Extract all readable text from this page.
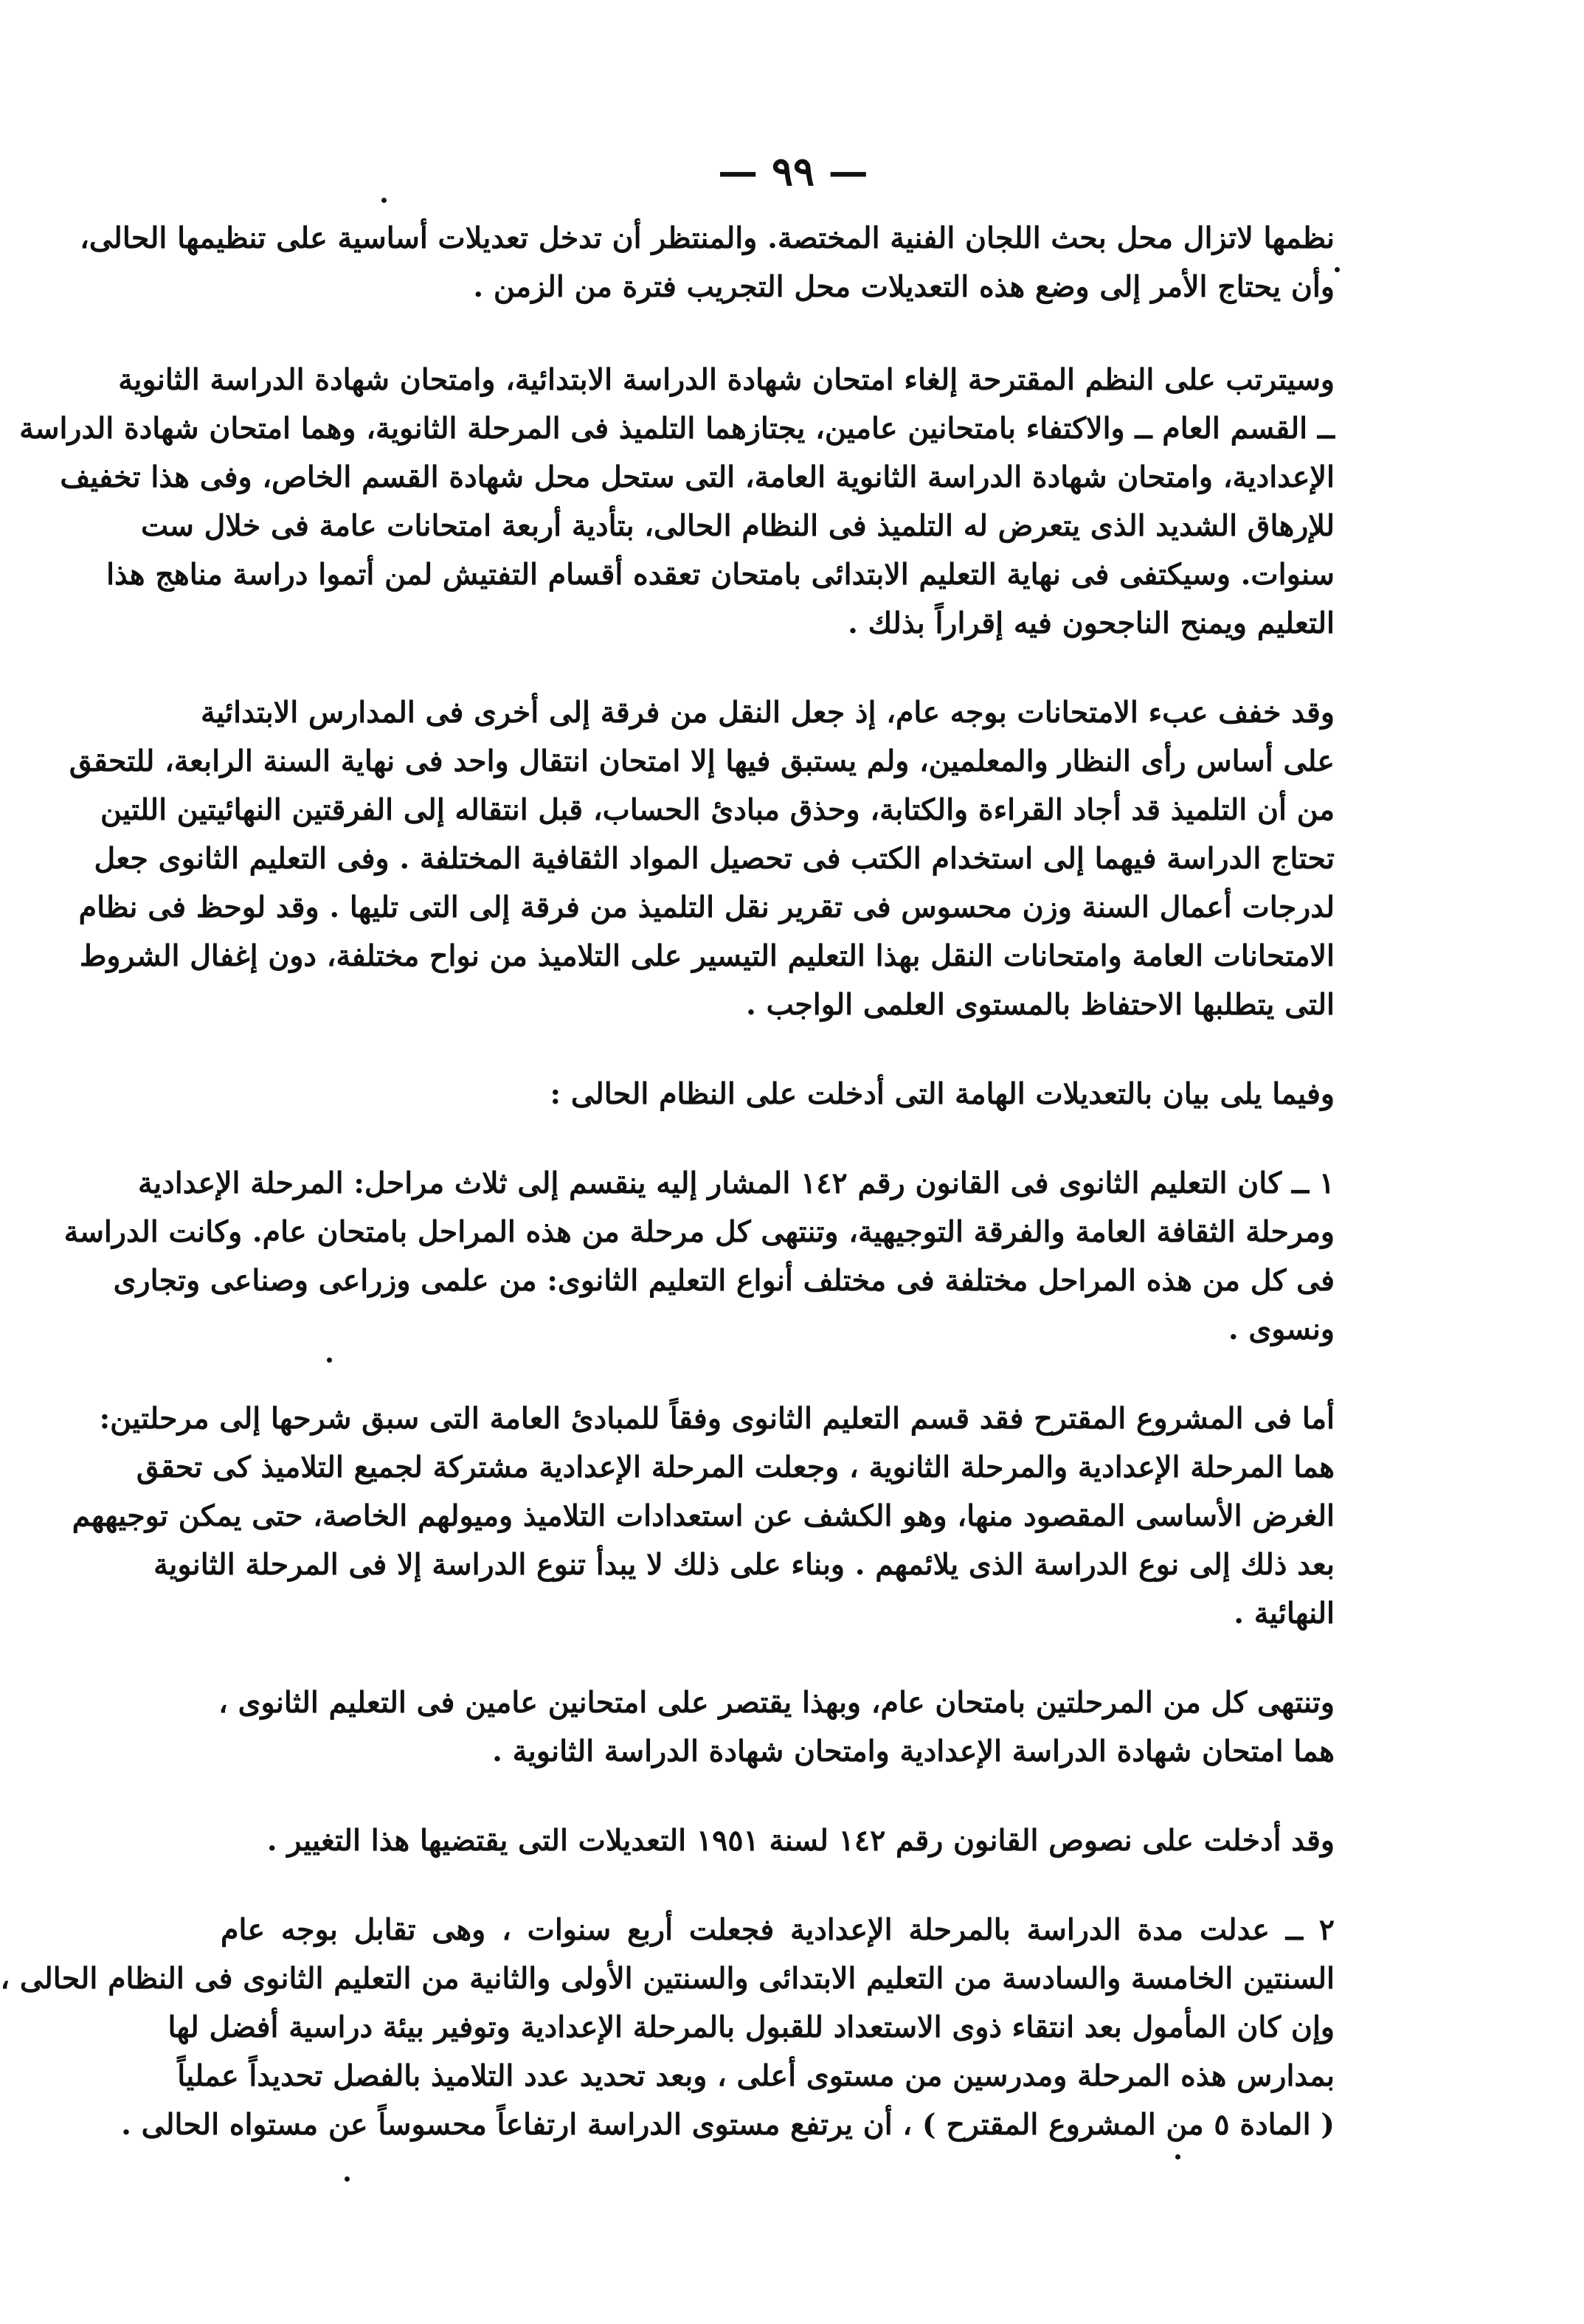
— ٩٩ —

نظمها لاتزال محل بحث اللجان الفنية المختصة. والمنتظر أن تدخل تعديلات أساسية على تنظيمها الحالى،
وأن يحتاج الأمر إلى وضع هذه التعديلات محل التجريب فترة من الزمن .

وسيترتب على النظم المقترحة إلغاء امتحان شهادة الدراسة الابتدائية، وامتحان شهادة الدراسة الثانوية
ــ القسم العام ــ والاكتفاء بامتحانين عامين، يجتازهما التلميذ فى المرحلة الثانوية، وهما امتحان شهادة الدراسة
الإعدادية، وامتحان شهادة الدراسة الثانوية العامة، التى ستحل محل شهادة القسم الخاص، وفى هذا تخفيف
للإرهاق الشديد الذى يتعرض له التلميذ فى النظام الحالى، بتأدية أربعة امتحانات عامة فى خلال ست
سنوات. وسيكتفى فى نهاية التعليم الابتدائى بامتحان تعقده أقسام التفتيش لمن أتموا دراسة مناهج هذا
التعليم ويمنح الناجحون فيه إقراراً بذلك .

وقد خفف عبء الامتحانات بوجه عام، إذ جعل النقل من فرقة إلى أخرى فى المدارس الابتدائية
على أساس رأى النظار والمعلمين، ولم يستبق فيها إلا امتحان انتقال واحد فى نهاية السنة الرابعة، للتحقق
من أن التلميذ قد أجاد القراءة والكتابة، وحذق مبادئ الحساب، قبل انتقاله إلى الفرقتين النهائيتين اللتين
تحتاج الدراسة فيهما إلى استخدام الكتب فى تحصيل المواد الثقافية المختلفة . وفى التعليم الثانوى جعل
لدرجات أعمال السنة وزن محسوس فى تقرير نقل التلميذ من فرقة إلى التى تليها . وقد لوحظ فى نظام
الامتحانات العامة وامتحانات النقل بهذا التعليم التيسير على التلاميذ من نواح مختلفة، دون إغفال الشروط
التى يتطلبها الاحتفاظ بالمستوى العلمى الواجب .

وفيما يلى بيان بالتعديلات الهامة التى أدخلت على النظام الحالى :

١ ــ كان التعليم الثانوى فى القانون رقم ١٤٢ المشار إليه ينقسم إلى ثلاث مراحل: المرحلة الإعدادية
ومرحلة الثقافة العامة والفرقة التوجيهية، وتنتهى كل مرحلة من هذه المراحل بامتحان عام. وكانت الدراسة
فى كل من هذه المراحل مختلفة فى مختلف أنواع التعليم الثانوى: من علمى وزراعى وصناعى وتجارى
ونسوى .

أما فى المشروع المقترح فقد قسم التعليم الثانوى وفقاً للمبادئ العامة التى سبق شرحها إلى مرحلتين:
هما المرحلة الإعدادية والمرحلة الثانوية ، وجعلت المرحلة الإعدادية مشتركة لجميع التلاميذ كى تحقق
الغرض الأساسى المقصود منها، وهو الكشف عن استعدادات التلاميذ وميولهم الخاصة، حتى يمكن توجيههم
بعد ذلك إلى نوع الدراسة الذى يلائمهم . وبناء على ذلك لا يبدأ تنوع الدراسة إلا فى المرحلة الثانوية
النهائية .

وتنتهى كل من المرحلتين بامتحان عام، وبهذا يقتصر على امتحانين عامين فى التعليم الثانوى ،
هما امتحان شهادة الدراسة الإعدادية وامتحان شهادة الدراسة الثانوية .

وقد أدخلت على نصوص القانون رقم ١٤٢ لسنة ١٩٥١ التعديلات التى يقتضيها هذا التغيير .

٢ ــ عدلت مدة الدراسة بالمرحلة الإعدادية فجعلت أربع سنوات ، وهى تقابل بوجه عام
السنتين الخامسة والسادسة من التعليم الابتدائى والسنتين الأولى والثانية من التعليم الثانوى فى النظام الحالى ،
وإن كان المأمول بعد انتقاء ذوى الاستعداد للقبول بالمرحلة الإعدادية وتوفير بيئة دراسية أفضل لها
بمدارس هذه المرحلة ومدرسين من مستوى أعلى ، وبعد تحديد عدد التلاميذ بالفصل تحديداً عملياً
( المادة ٥ من المشروع المقترح ) ، أن يرتفع مستوى الدراسة ارتفاعاً محسوساً عن مستواه الحالى .
